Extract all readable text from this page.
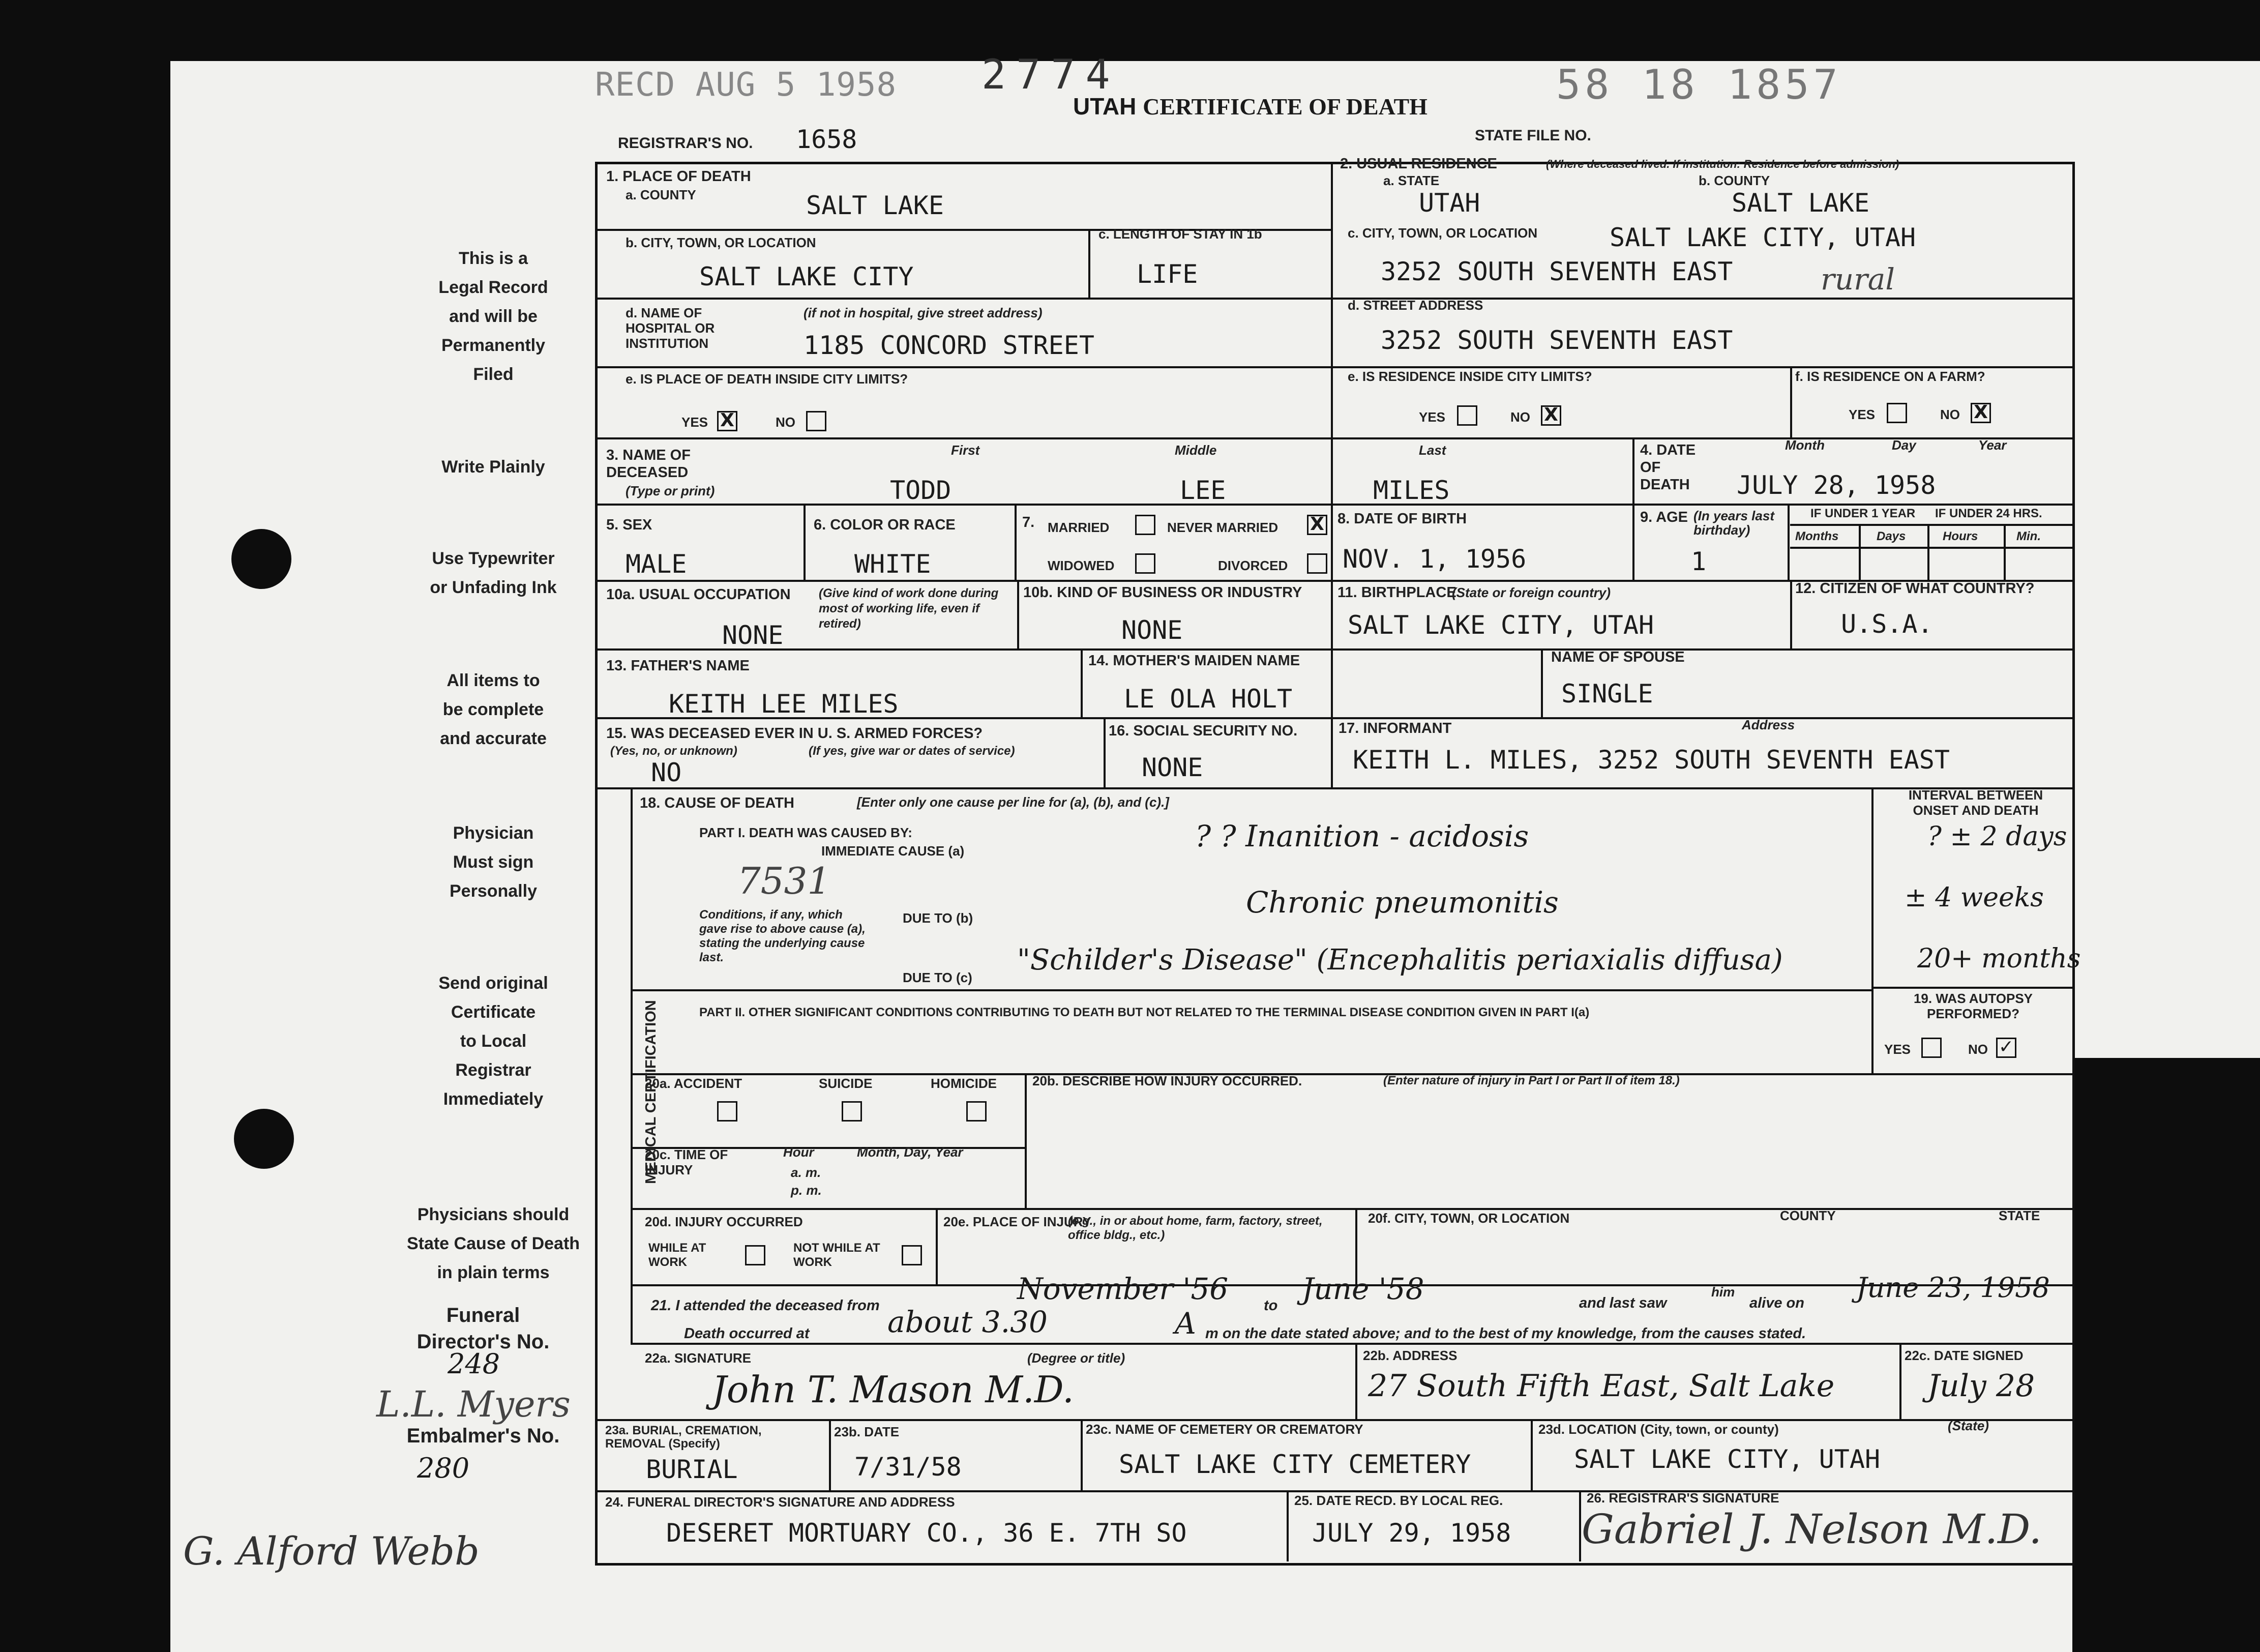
RECD AUG 5 1958 2774	58 18 1857
UTAH CERTIFICATE OF DEATH
REGISTRAR'S NO. 1658	STATE FILE NO.
This is a
Legal Record
and will be
Permanently
Filed
Write Plainly
Use Typewriter
or Unfading Ink
All items to
be complete
and accurate
Physician
Must sign
Personally
Send original
Certificate
to Local
Registrar
Immediately
Physicians should
State Cause of Death
in plain terms
Funeral
Director's No.
248
L.L. Myers
Embalmer's No.
280
G. Alford Webb
1. PLACE OF DEATH
a. COUNTY	SALT LAKE
b. CITY, TOWN, OR LOCATION
SALT LAKE CITY
c. LENGTH OF STAY IN 1b
LIFE
d. NAME OF HOSPITAL OR INSTITUTION
(if not in hospital, give street address)
1185 CONCORD STREET
e. IS PLACE OF DEATH INSIDE CITY LIMITS?
YES X	NO
2. USUAL RESIDENCE	(Where deceased lived. If institution: Residence before admission)
a. STATE
UTAH
b. COUNTY
SALT LAKE
c. CITY, TOWN, OR LOCATION	SALT LAKE CITY, UTAH
3252 SOUTH SEVENTH EAST	rural
d. STREET ADDRESS
3252 SOUTH SEVENTH EAST
e. IS RESIDENCE INSIDE CITY LIMITS?
YES	NO X
f. IS RESIDENCE ON A FARM?
YES	NO X
3. NAME OF DECEASED
(Type or print)
First	Middle	Last
TODD	LEE	MILES
4. DATE OF DEATH
Month	Day	Year
JULY 28, 1958
5. SEX
MALE
6. COLOR OR RACE
WHITE
7. MARRIED	NEVER MARRIED X
WIDOWED	DIVORCED
8. DATE OF BIRTH
NOV. 1, 1956
9. AGE (In years last birthday)
1
IF UNDER 1 YEAR IF UNDER 24 HRS.
Months	Days	Hours	Min.
10a. USUAL OCCUPATION	(Give kind of work done during most of working life, even if retired)
NONE
10b. KIND OF BUSINESS OR INDUSTRY
NONE
11. BIRTHPLACE
(State or foreign country)
SALT LAKE CITY, UTAH
12. CITIZEN OF WHAT COUNTRY?
U.S.A.
13. FATHER'S NAME
KEITH LEE MILES
14. MOTHER'S MAIDEN NAME
LE OLA HOLT
NAME OF SPOUSE
SINGLE
15. WAS DECEASED EVER IN U. S. ARMED FORCES?
(Yes, no, or unknown)	(If yes, give war or dates of service)
NO
16. SOCIAL SECURITY NO.
NONE
17. INFORMANT	Address
KEITH L. MILES, 3252 SOUTH SEVENTH EAST
MEDICAL CERTIFICATION
18. CAUSE OF DEATH	[Enter only one cause per line for (a), (b), and (c).]
PART I. DEATH WAS CAUSED BY:
IMMEDIATE CAUSE (a)	? ? Inanition - acidosis
7531
Conditions, if any, which gave rise to above cause (a), stating the underlying cause last.
DUE TO (b)	Chronic pneumonitis
DUE TO (c)
"Schilder's Disease" (Encephalitis periaxialis diffusa)
INTERVAL BETWEEN ONSET AND DEATH
? ± 2 days
± 4 weeks
20+ months
PART II. OTHER SIGNIFICANT CONDITIONS CONTRIBUTING TO DEATH BUT NOT RELATED TO THE TERMINAL DISEASE CONDITION GIVEN IN PART I(a)
19. WAS AUTOPSY PERFORMED?
YES	NO ✓
20a. ACCIDENT	SUICIDE	HOMICIDE	20b. DESCRIBE HOW INJURY OCCURRED.	(Enter nature of injury in Part I or Part II of item 18.)
20c. TIME OF INJURY
Hour
a. m.
p. m.
Month, Day, Year
20d. INJURY OCCURRED
WHILE AT WORK
NOT WHILE AT WORK
20e. PLACE OF INJURY
(e.g., in or about home, farm, factory, street, office bldg., etc.)
20f. CITY, TOWN, OR LOCATION	COUNTY	STATE
21. I attended the deceased from	November '56 to June '58	and last saw
him
alive on June 23, 1958
Death occurred at	about 3.30	A m on the date stated above; and to the best of my knowledge, from the causes stated.
22a. SIGNATURE	(Degree or title)
John T. Mason M.D.
22b. ADDRESS
27 South Fifth East, Salt Lake
22c. DATE SIGNED
July 28
23a. BURIAL, CREMATION, REMOVAL (Specify)
BURIAL
23b. DATE
7/31/58
23c. NAME OF CEMETERY OR CREMATORY
SALT LAKE CITY CEMETERY
23d. LOCATION (City, town, or county)	(State)
SALT LAKE CITY, UTAH
24. FUNERAL DIRECTOR'S SIGNATURE AND ADDRESS
DESERET MORTUARY CO., 36 E. 7TH SO
25. DATE RECD. BY LOCAL REG.
JULY 29, 1958
26. REGISTRAR'S SIGNATURE
Gabriel J. Nelson M.D.
